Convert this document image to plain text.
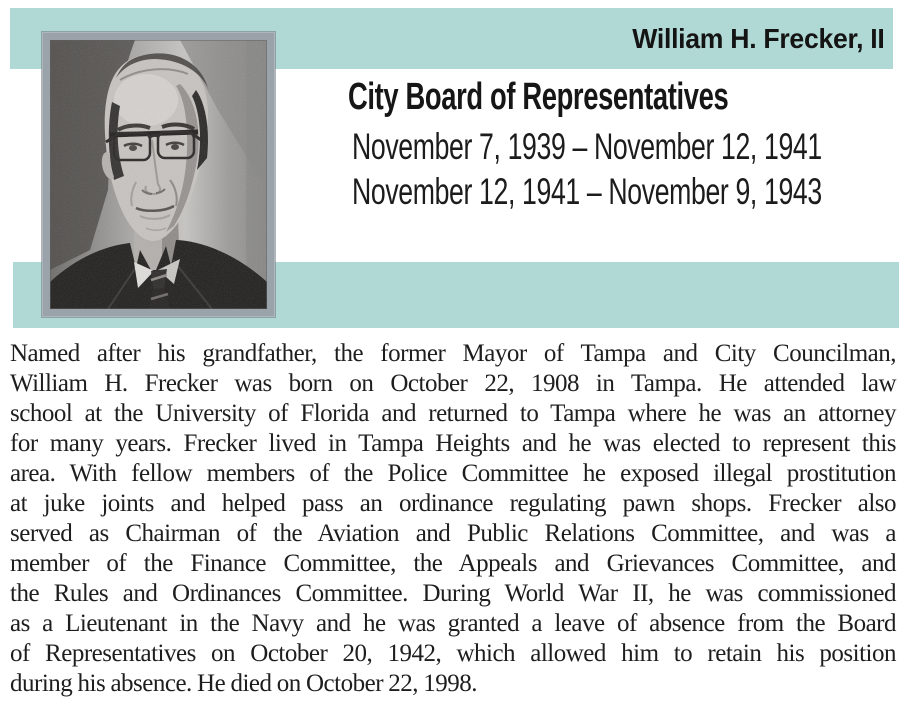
William H. Frecker, II
City Board of Representatives
November 7, 1939 – November 12, 1941
November 12, 1941 – November 9, 1943
Named after his grandfather, the former Mayor of Tampa and City Councilman,
William H. Frecker was born on October 22, 1908 in Tampa. He attended law
school at the University of Florida and returned to Tampa where he was an attorney
for many years. Frecker lived in Tampa Heights and he was elected to represent this
area. With fellow members of the Police Committee he exposed illegal prostitution
at juke joints and helped pass an ordinance regulating pawn shops. Frecker also
served as Chairman of the Aviation and Public Relations Committee, and was a
member of the Finance Committee, the Appeals and Grievances Committee, and
the Rules and Ordinances Committee. During World War II, he was commissioned
as a Lieutenant in the Navy and he was granted a leave of absence from the Board
of Representatives on October 20, 1942, which allowed him to retain his position
during his absence. He died on October 22, 1998.
